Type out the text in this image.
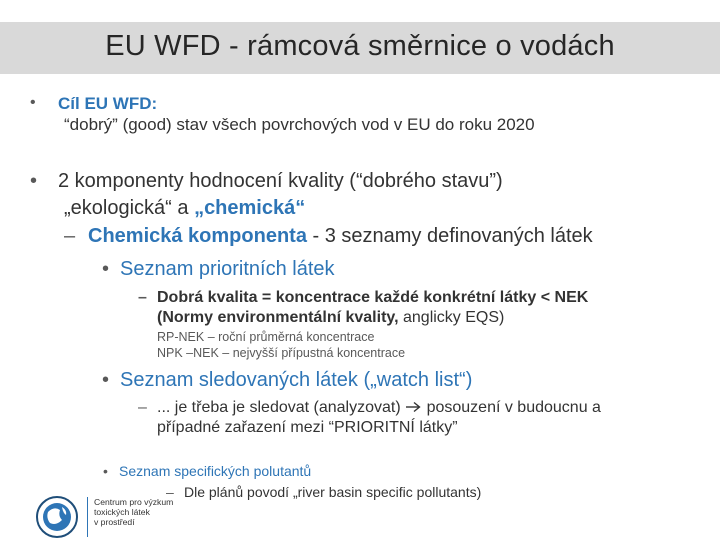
EU WFD - rámcová směrnice o vodách
• Cíl EU WFD:
“dobrý” (good) stav všech povrchových vod v EU do roku 2020
• 2 komponenty hodnocení kvality (“dobrého stavu”)
„ekologická“ a „chemická“
– Chemická komponenta - 3 seznamy definovaných látek
• Seznam prioritních látek
– Dobrá kvalita = koncentrace každé konkrétní látky < NEK
(Normy environmentální kvality, anglicky EQS)
RP-NEK – roční průměrná koncentrace
NPK –NEK – nejvyšší přípustná koncentrace
• Seznam sledovaných látek („watch list“)
– ... je třeba je sledovat (analyzovat)  posouzení v budoucnu a
případné zařazení mezi “PRIORITNÍ látky”
• Seznam specifických polutantů
– Dle plánů povodí „river basin specific pollutants)
Centrum pro výzkum
toxických látek
v prostředí
